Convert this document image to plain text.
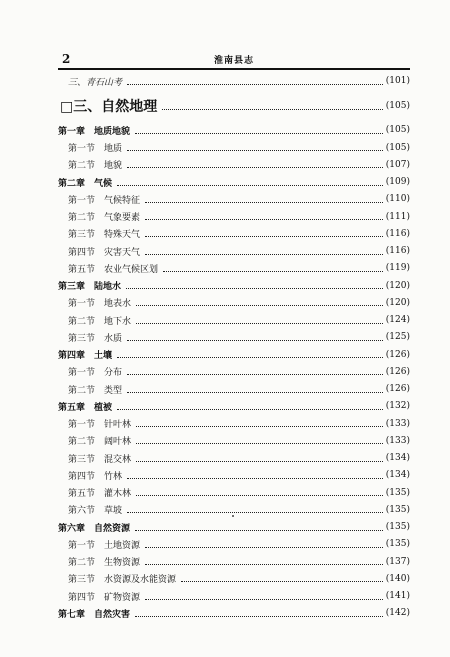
2	淮南县志
三、青石山考	(101)
□三、自然地理	(105)
第一章　地质地貌	(105)
第一节　地质	(105)
第二节　地貌	(107)
第二章　气候	(109)
第一节　气候特征	(110)
第二节　气象要素	(111)
第三节　特殊天气	(116)
第四节　灾害天气	(116)
第五节　农业气候区划	(119)
第三章　陆地水	(120)
第一节　地表水	(120)
第二节　地下水	(124)
第三节　水质	(125)
第四章　土壤	(126)
第一节　分布	(126)
第二节　类型	(126)
第五章　植被	(132)
第一节　针叶林	(133)
第二节　阔叶林	(133)
第三节　混交林	(134)
第四节　竹林	(134)
第五节　灌木林	(135)
第六节　草坡	(135)
第六章　自然资源	(135)
第一节　土地资源	(135)
第二节　生物资源	(137)
第三节　水资源及水能资源	(140)
第四节　矿物资源	(141)
第七章　自然灾害	(142)
